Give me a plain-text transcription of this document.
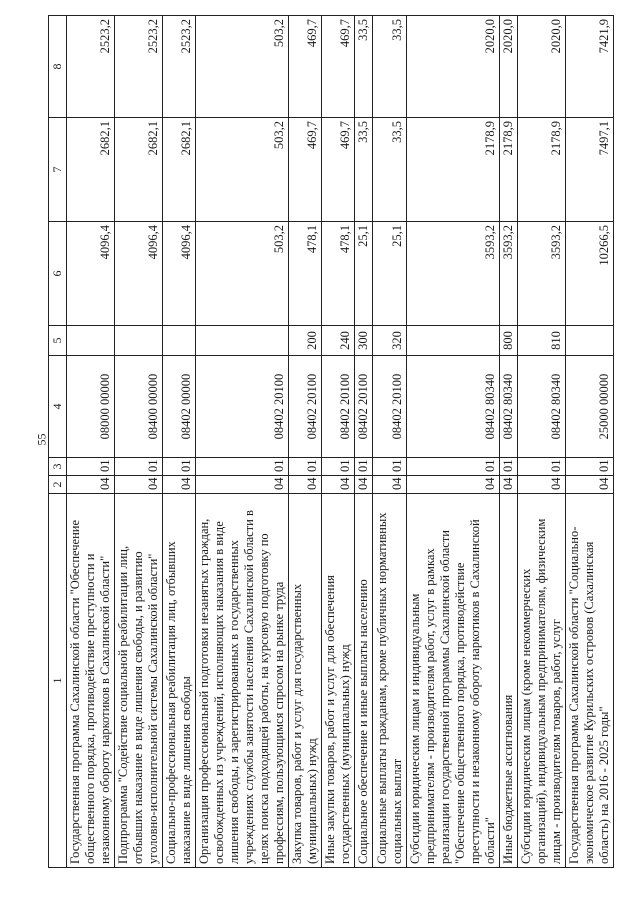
55
1	2	3	4	5	6	7	8
Государственная программа Сахалинской области "Обеспечение общественного порядка, противодействие преступности и незаконному обороту наркотиков в Сахалинской области"	04	01	08000 00000		4096,4	2682,1	2523,2
Подпрограмма "Содействие социальной реабилитации лиц, отбывших наказание в виде лишения свободы, и развитию уголовно-исполнительной системы Сахалинской области"	04	01	08400 00000		4096,4	2682,1	2523,2
Социально-профессиональная реабилитация лиц, отбывших наказание в виде лишения свободы	04	01	08402 00000		4096,4	2682,1	2523,2
Организация профессиональной подготовки незанятых граждан, освобожденных из учреждений, исполняющих наказания в виде лишения свободы, и зарегистрированных в государственных учреждениях службы занятости населения Сахалинской области в целях поиска подходящей работы, на курсовую подготовку по профессиям, пользующимся спросом на рынке труда	04	01	08402 20100		503,2	503,2	503,2
Закупка товаров, работ и услуг для государственных (муниципальных) нужд	04	01	08402 20100	200	478,1	469,7	469,7
Иные закупки товаров, работ и услуг для обеспечения государственных (муниципальных) нужд	04	01	08402 20100	240	478,1	469,7	469,7
Социальное обеспечение и иные выплаты населению	04	01	08402 20100	300	25,1	33,5	33,5
Социальные выплаты гражданам, кроме публичных нормативных социальных выплат	04	01	08402 20100	320	25,1	33,5	33,5
Субсидии юридическим лицам и индивидуальным предпринимателям - производителям работ, услуг в рамках реализации государственной программы Сахалинской области "Обеспечение общественного порядка, противодействие преступности и незаконному обороту наркотиков в Сахалинской области"	04	01	08402 80340		3593,2	2178,9	2020,0
Иные бюджетные ассигнования	04	01	08402 80340	800	3593,2	2178,9	2020,0
Субсидии юридическим лицам (кроме некоммерческих организаций), индивидуальным предпринимателям, физическим лицам - производителям товаров, работ, услуг	04	01	08402 80340	810	3593,2	2178,9	2020,0
Государственная программа Сахалинской области "Социально-экономическое развитие Курильских островов (Сахалинская область) на 2016 - 2025 годы"	04	01	25000 00000		10266,5	7497,1	7421,9
